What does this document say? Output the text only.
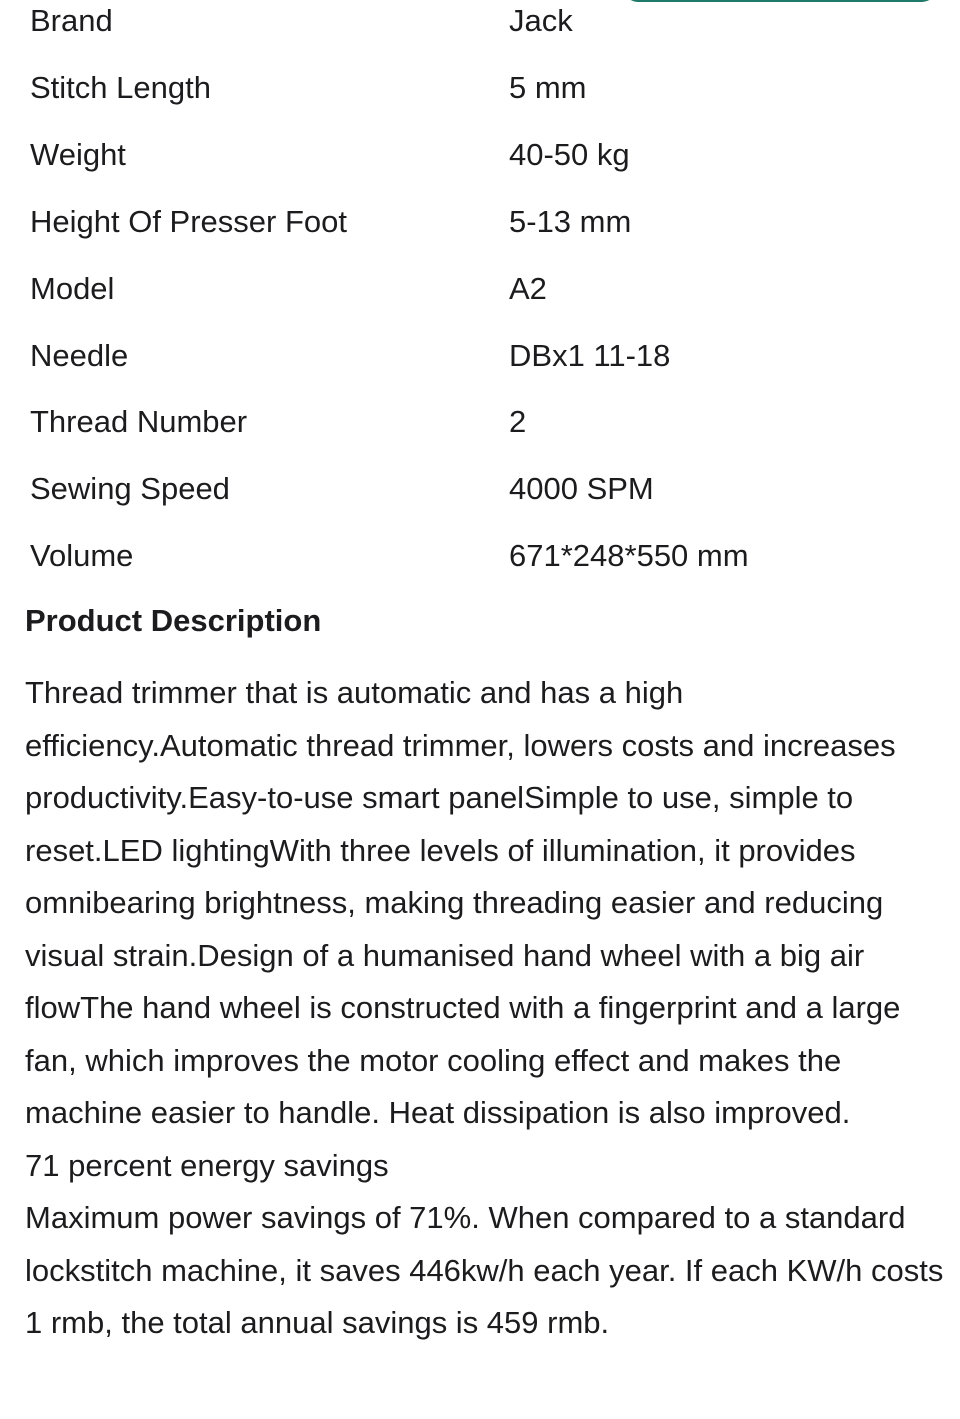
Brand	Jack
Stitch Length	5 mm
Weight	40-50 kg
Height Of Presser Foot	5-13 mm
Model	A2
Needle	DBx1 11-18
Thread Number	2
Sewing Speed	4000 SPM
Volume	671*248*550 mm
Product Description

Thread trimmer that is automatic and has a high efficiency.Automatic thread trimmer, lowers costs and increases productivity.Easy-to-use smart panelSimple to use, simple to reset.LED lightingWith three levels of illumination, it provides omnibearing brightness, making threading easier and reducing visual strain.Design of a humanised hand wheel with a big air flowThe hand wheel is constructed with a fingerprint and a large fan, which improves the motor cooling effect and makes the machine easier to handle. Heat dissipation is also improved.

71 percent energy savings

Maximum power savings of 71%. When compared to a standard lockstitch machine, it saves 446kw/h each year. If each KW/h costs 1 rmb, the total annual savings is 459 rmb.
